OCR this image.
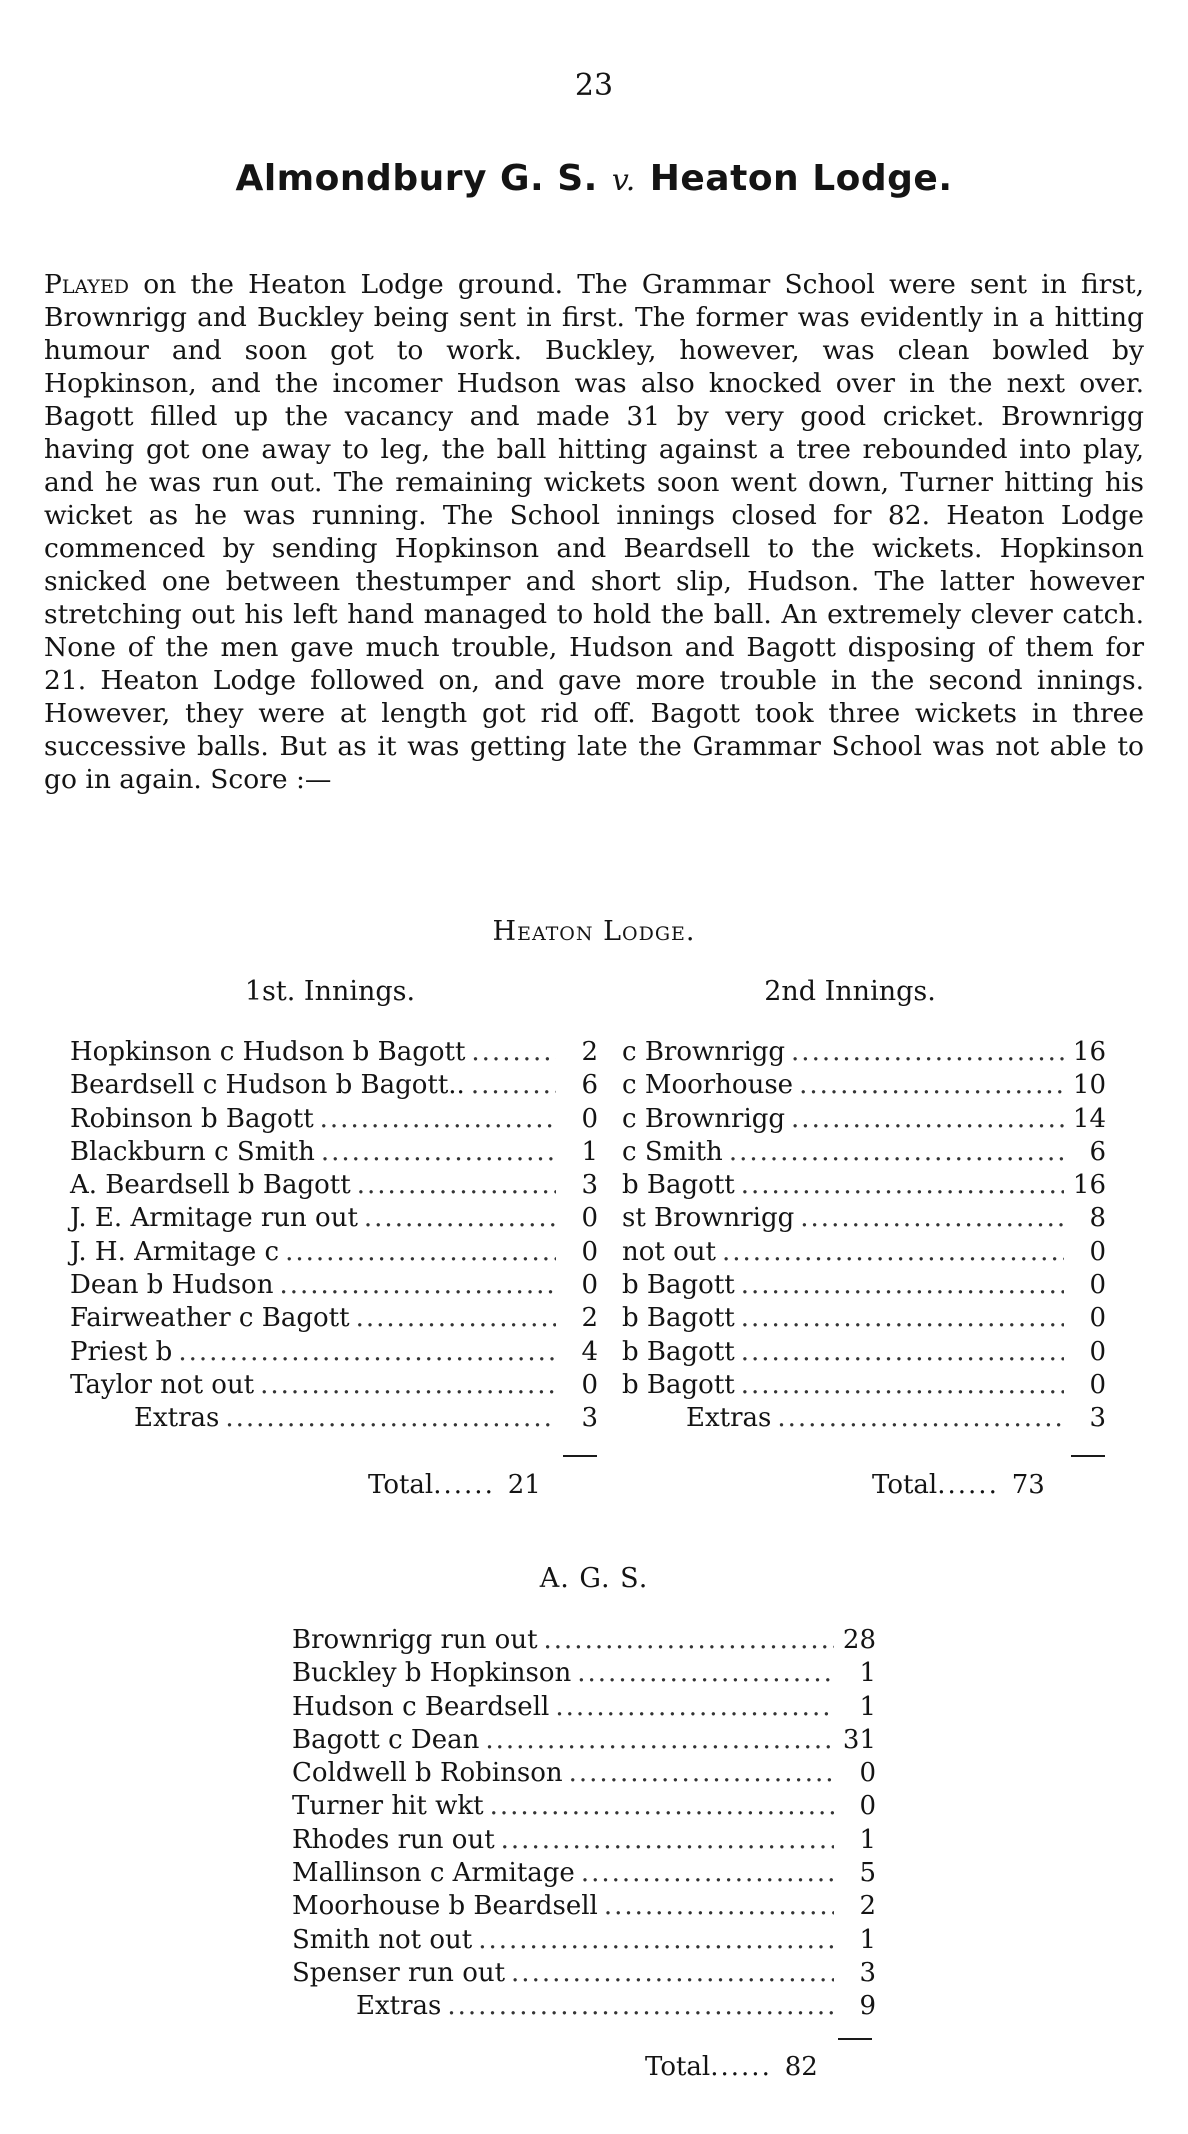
23
Almondbury G. S. v. Heaton Lodge.
Played on the Heaton Lodge ground. The Grammar School were sent in first, Brownrigg and Buckley being sent in first. The former was evidently in a hitting humour and soon got to work. Buckley, however, was clean bowled by Hopkinson, and the incomer Hudson was also knocked over in the next over. Bagott filled up the vacancy and made 31 by very good cricket. Brownrigg having got one away to leg, the ball hitting against a tree rebounded into play, and he was run out. The remaining wickets soon went down, Turner hitting his wicket as he was running. The School innings closed for 82. Heaton Lodge commenced by sending Hopkinson and Beardsell to the wickets. Hopkinson snicked one between thestumper and short slip, Hudson. The latter however stretching out his left hand managed to hold the ball. An extremely clever catch. None of the men gave much trouble, Hudson and Bagott disposing of them for 21. Heaton Lodge followed on, and gave more trouble in the second innings. However, they were at length got rid off. Bagott took three wickets in three successive balls. But as it was getting late the Grammar School was not able to go in again. Score :—
Heaton Lodge.
1st. Innings.	2nd Innings.
Hopkinson c Hudson b Bagott .....	2
Beardsell c Hudson b Bagott.. .....	6
Robinson b Bagott .....	0
Blackburn c Smith .....	1
A. Beardsell b Bagott .....	3
J. E. Armitage run out .....	0
J. H. Armitage c .....	0
Dean b Hudson .....	0
Fairweather c Bagott .....	2
Priest b .....	4
Taylor not out .....	0
Extras .....	3
c Brownrigg .....	16
c Moorhouse .....	10
c Brownrigg .....	14
c Smith .....	6
b Bagott .....	16
st Brownrigg .....	8
not out .....	0
b Bagott .....	0
b Bagott .....	0
b Bagott .....	0
b Bagott .....	0
Extras .....	3
Total...... 21	Total...... 73
A. G. S.
Brownrigg run out .....	28
Buckley b Hopkinson .....	1
Hudson c Beardsell .....	1
Bagott c Dean .....	31
Coldwell b Robinson .....	0
Turner hit wkt .....	0
Rhodes run out .....	1
Mallinson c Armitage .....	5
Moorhouse b Beardsell .....	2
Smith not out .....	1
Spenser run out .....	3
Extras .....	9
Total...... 82
